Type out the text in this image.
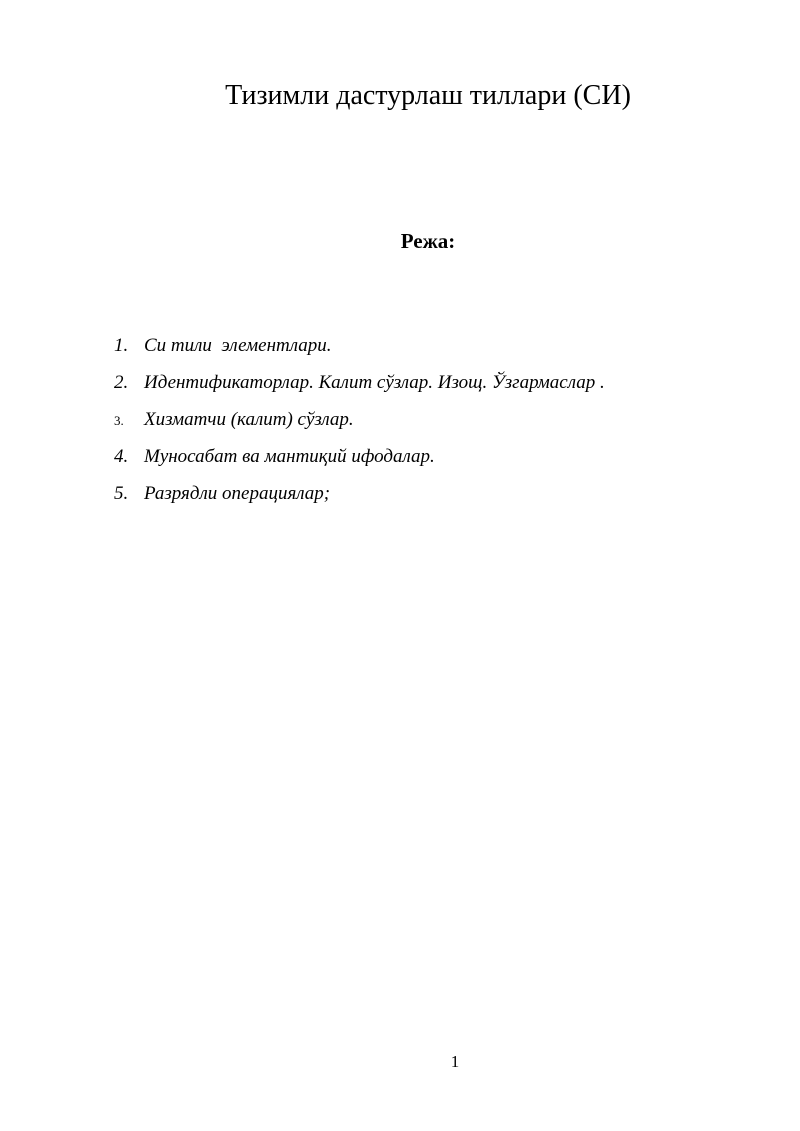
Тизимли дастурлаш тиллари (СИ)
Режа:
1. Си тили  элементлари.
2. Идентификаторлар. Калит сўзлар. Изощ. Ўзгармаслар .
3.	Хизматчи (калит) сўзлар.
4. Муносабат ва мантиқий ифодалар.
5. Разрядли операциялар;
1
